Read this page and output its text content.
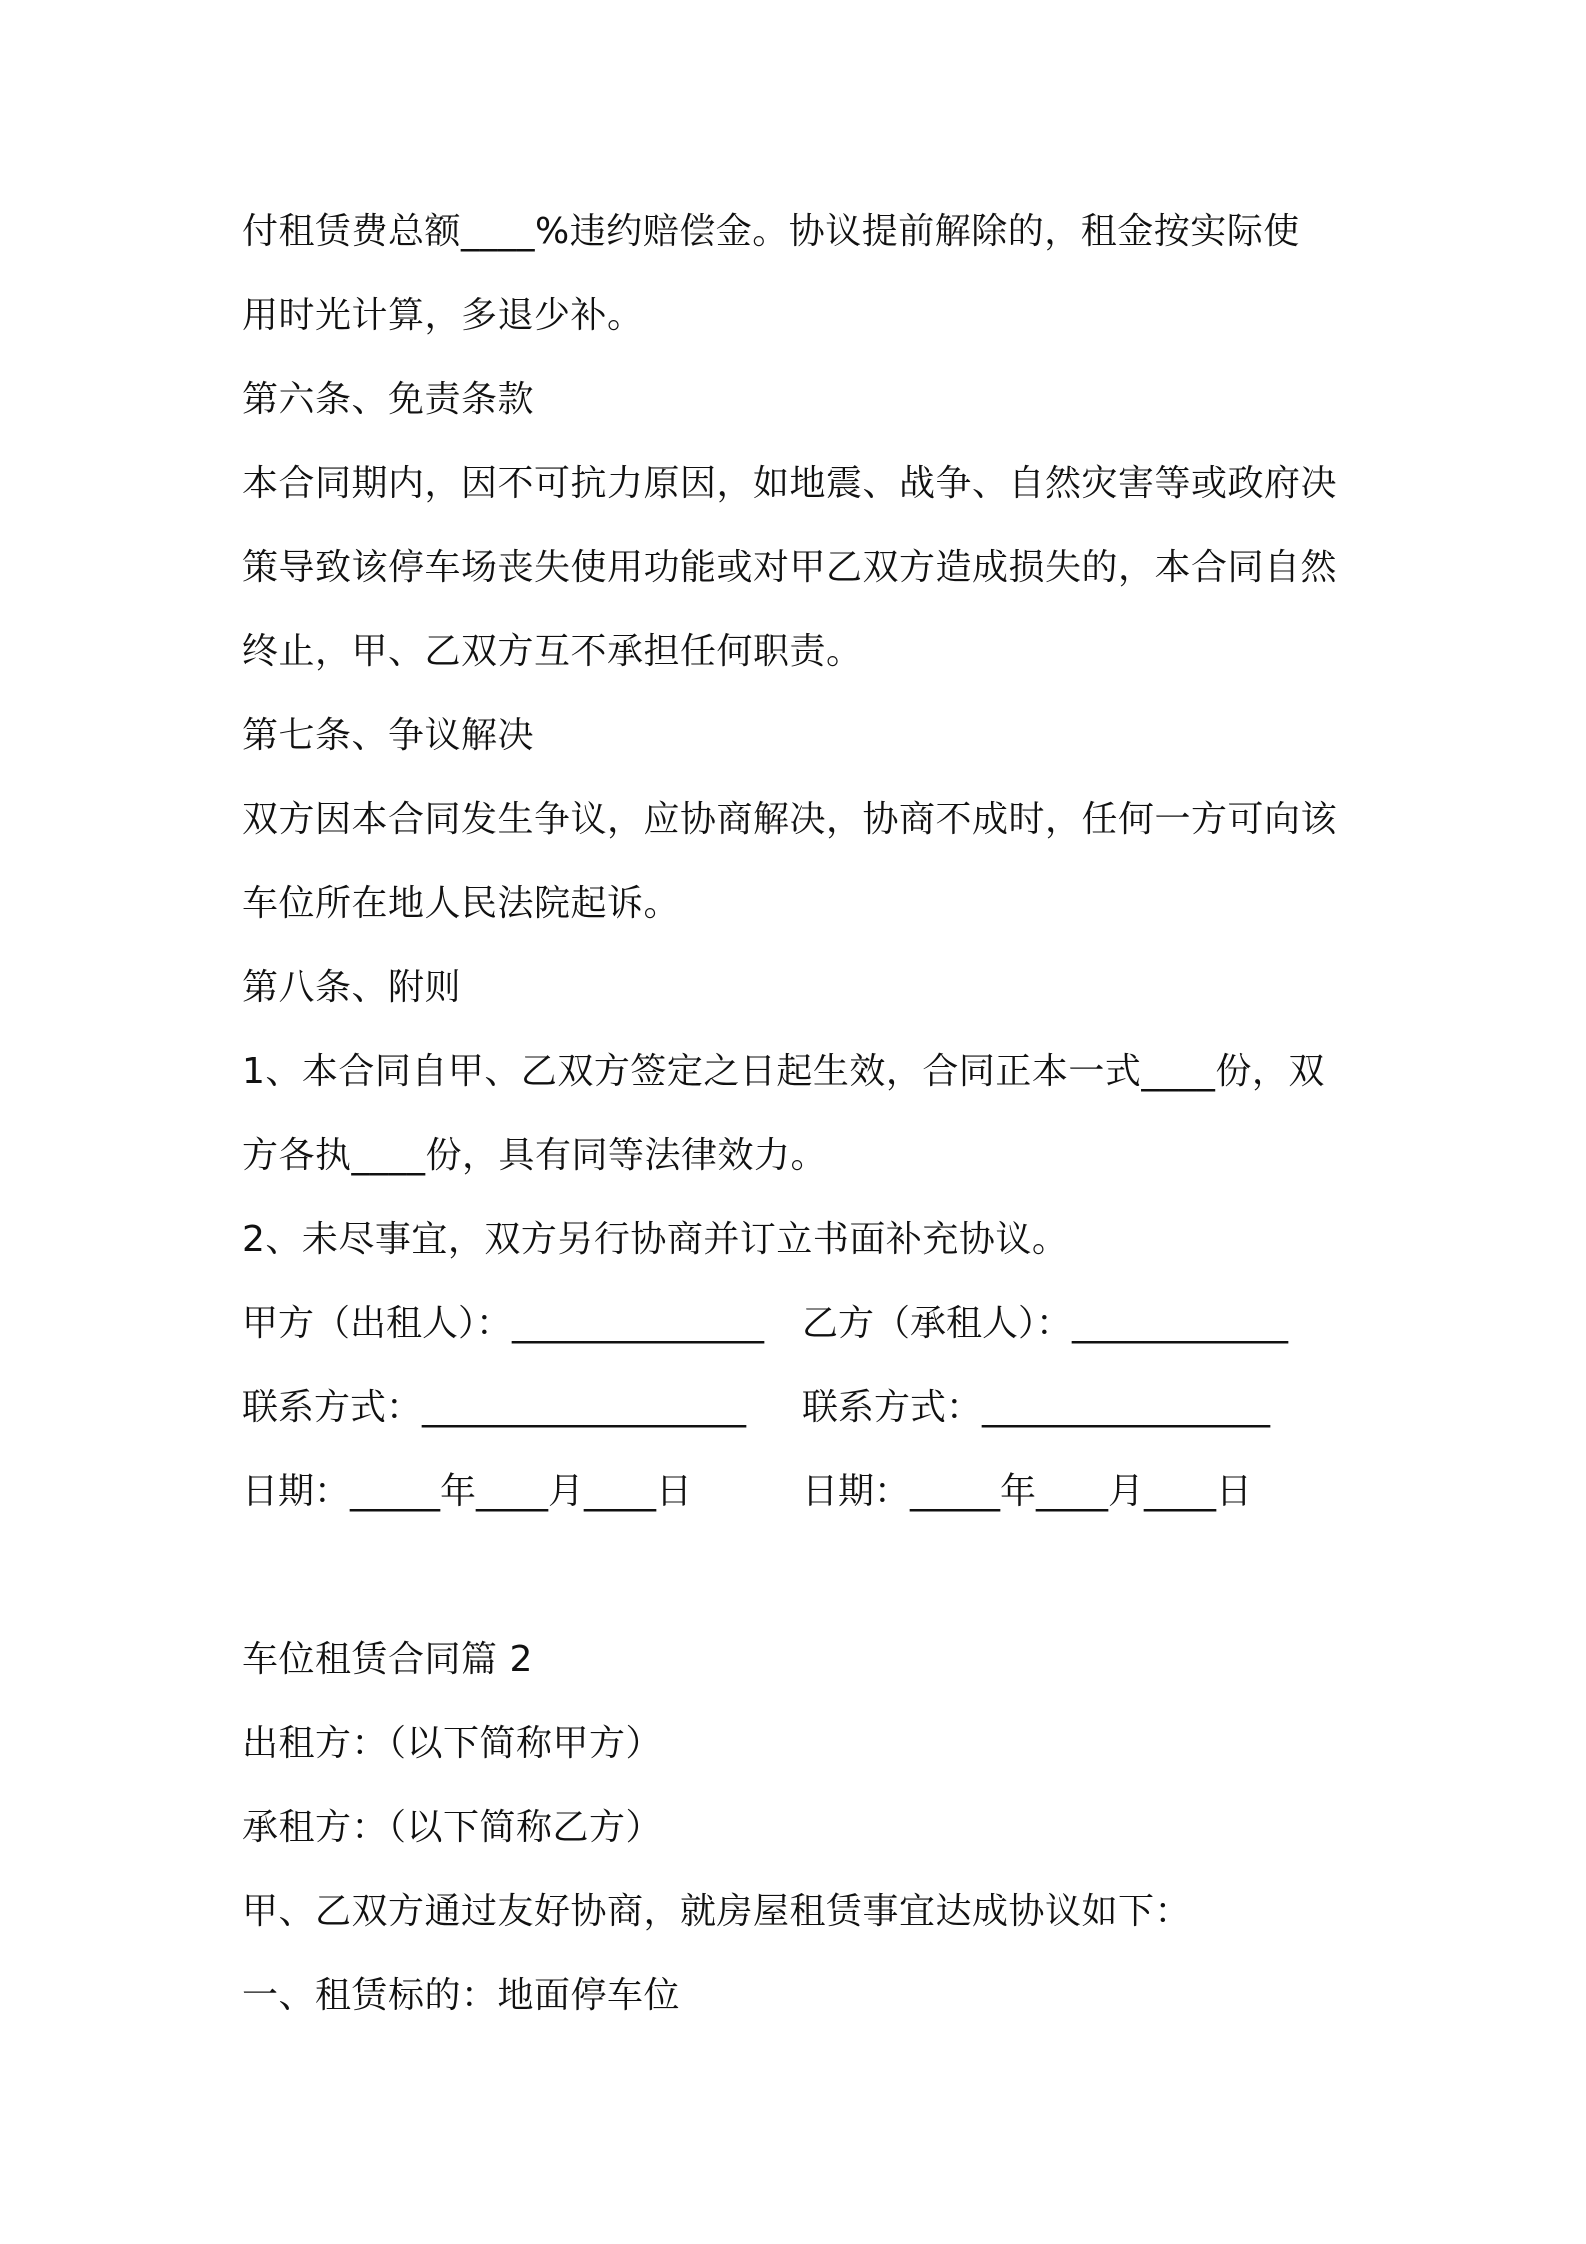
付租赁费总额____%违约赔偿金。协议提前解除的，租金按实际使
用时光计算，多退少补。
第六条、免责条款
本合同期内，因不可抗力原因，如地震、战争、自然灾害等或政府决
策导致该停车场丧失使用功能或对甲乙双方造成损失的，本合同自然
终止，甲、乙双方互不承担任何职责。
第七条、争议解决
双方因本合同发生争议，应协商解决，协商不成时，任何一方可向该
车位所在地人民法院起诉。
第八条、附则
1、本合同自甲、乙双方签定之日起生效，合同正本一式____份，双
方各执____份，具有同等法律效力。
2、未尽事宜，双方另行协商并订立书面补充协议。
甲方（出租人）：______________	乙方（承租人）：____________
联系方式：__________________	联系方式：________________
日期：_____年____月____日	日期：_____年____月____日
车位租赁合同篇 2
出租方：（以下简称甲方）
承租方：（以下简称乙方）
甲、乙双方通过友好协商，就房屋租赁事宜达成协议如下：
一、租赁标的：地面停车位
